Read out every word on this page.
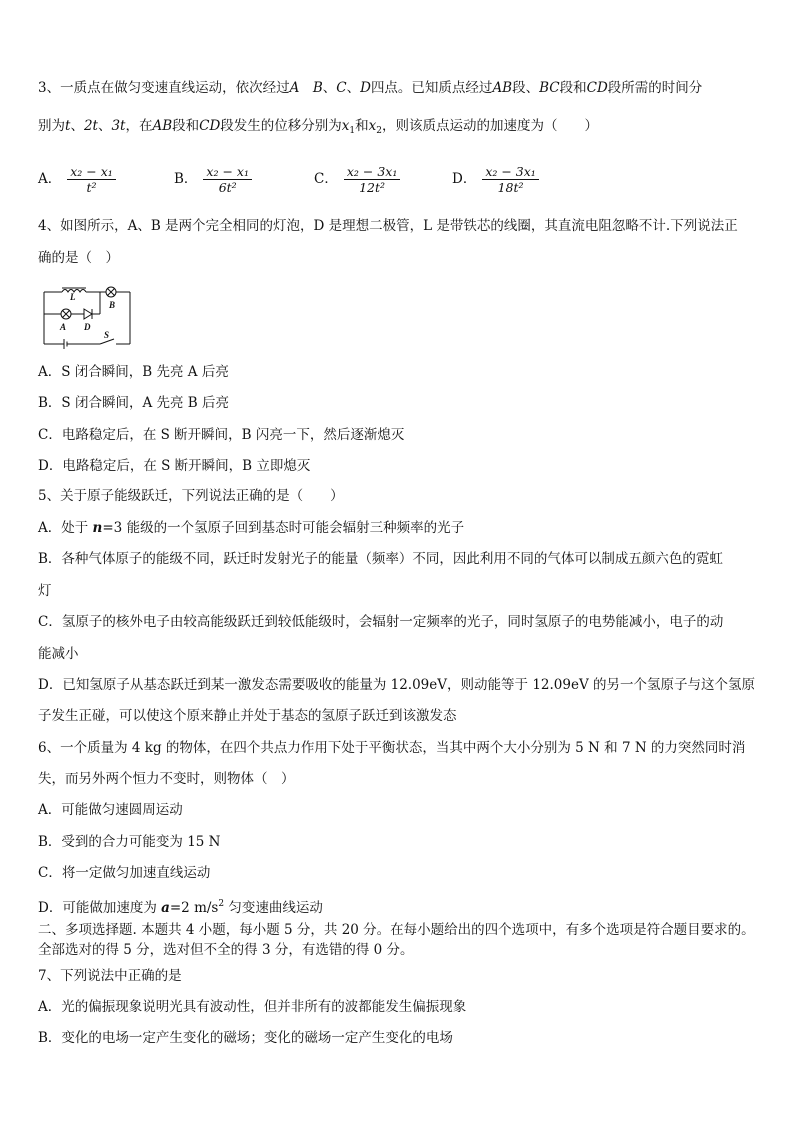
3、一质点在做匀变速直线运动，依次经过A　 B、C、D四点。已知质点经过AB段、BC段和CD段所需的时间分
别为t、2t、3t，在AB段和CD段发生的位移分别为$x_1$和$x_2$，则该质点运动的加速度为（　　）
A． $\frac{\text{x₂ − x₁}}{\text{t²}}$	B． $\frac{\text{x₂ − x₁}}{\text{6t²}}$	C． $\frac{\text{x₂ − 3x₁}}{\text{12t²}}$	D． $\frac{\text{x₂ − 3x₁}}{\text{18t²}}$
4、如图所示，A、B 是两个完全相同的灯泡，D 是理想二极管，L 是带铁芯的线圈，其直流电阻忽略不计.下列说法正
确的是（　）
L
A D
B
S
A．S 闭合瞬间，B 先亮 A 后亮
B．S 闭合瞬间，A 先亮 B 后亮
C．电路稳定后，在 S 断开瞬间，B 闪亮一下，然后逐渐熄灭
D．电路稳定后，在 S 断开瞬间，B 立即熄灭
5、关于原子能级跃迁，下列说法正确的是（　　）
A．处于 n=3 能级的一个氢原子回到基态时可能会辐射三种频率的光子
B．各种气体原子的能级不同，跃迁时发射光子的能量（频率）不同，因此利用不同的气体可以制成五颜六色的霓虹
灯
C．氢原子的核外电子由较高能级跃迁到较低能级时，会辐射一定频率的光子，同时氢原子的电势能减小，电子的动
能减小
D．已知氢原子从基态跃迁到某一激发态需要吸收的能量为 12.09eV，则动能等于 12.09eV 的另一个氢原子与这个氢原
子发生正碰，可以使这个原来静止并处于基态的氢原子跃迁到该激发态
6、一个质量为 4 kg 的物体，在四个共点力作用下处于平衡状态，当其中两个大小分别为 5 N 和 7 N 的力突然同时消
失，而另外两个恒力不变时，则物体（　）
A．可能做匀速圆周运动
B．受到的合力可能变为 15 N
C．将一定做匀加速直线运动
D．可能做加速度为 a=2 $m/s^2$ 匀变速曲线运动
二、多项选择题. 本题共 4 小题，每小题 5 分，共 20 分。在每小题给出的四个选项中，有多个选项是符合题目要求的。
全部选对的得 5 分，选对但不全的得 3 分，有选错的得 0 分。
7、下列说法中正确的是
A．光的偏振现象说明光具有波动性，但并非所有的波都能发生偏振现象
B．变化的电场一定产生变化的磁场；变化的磁场一定产生变化的电场
